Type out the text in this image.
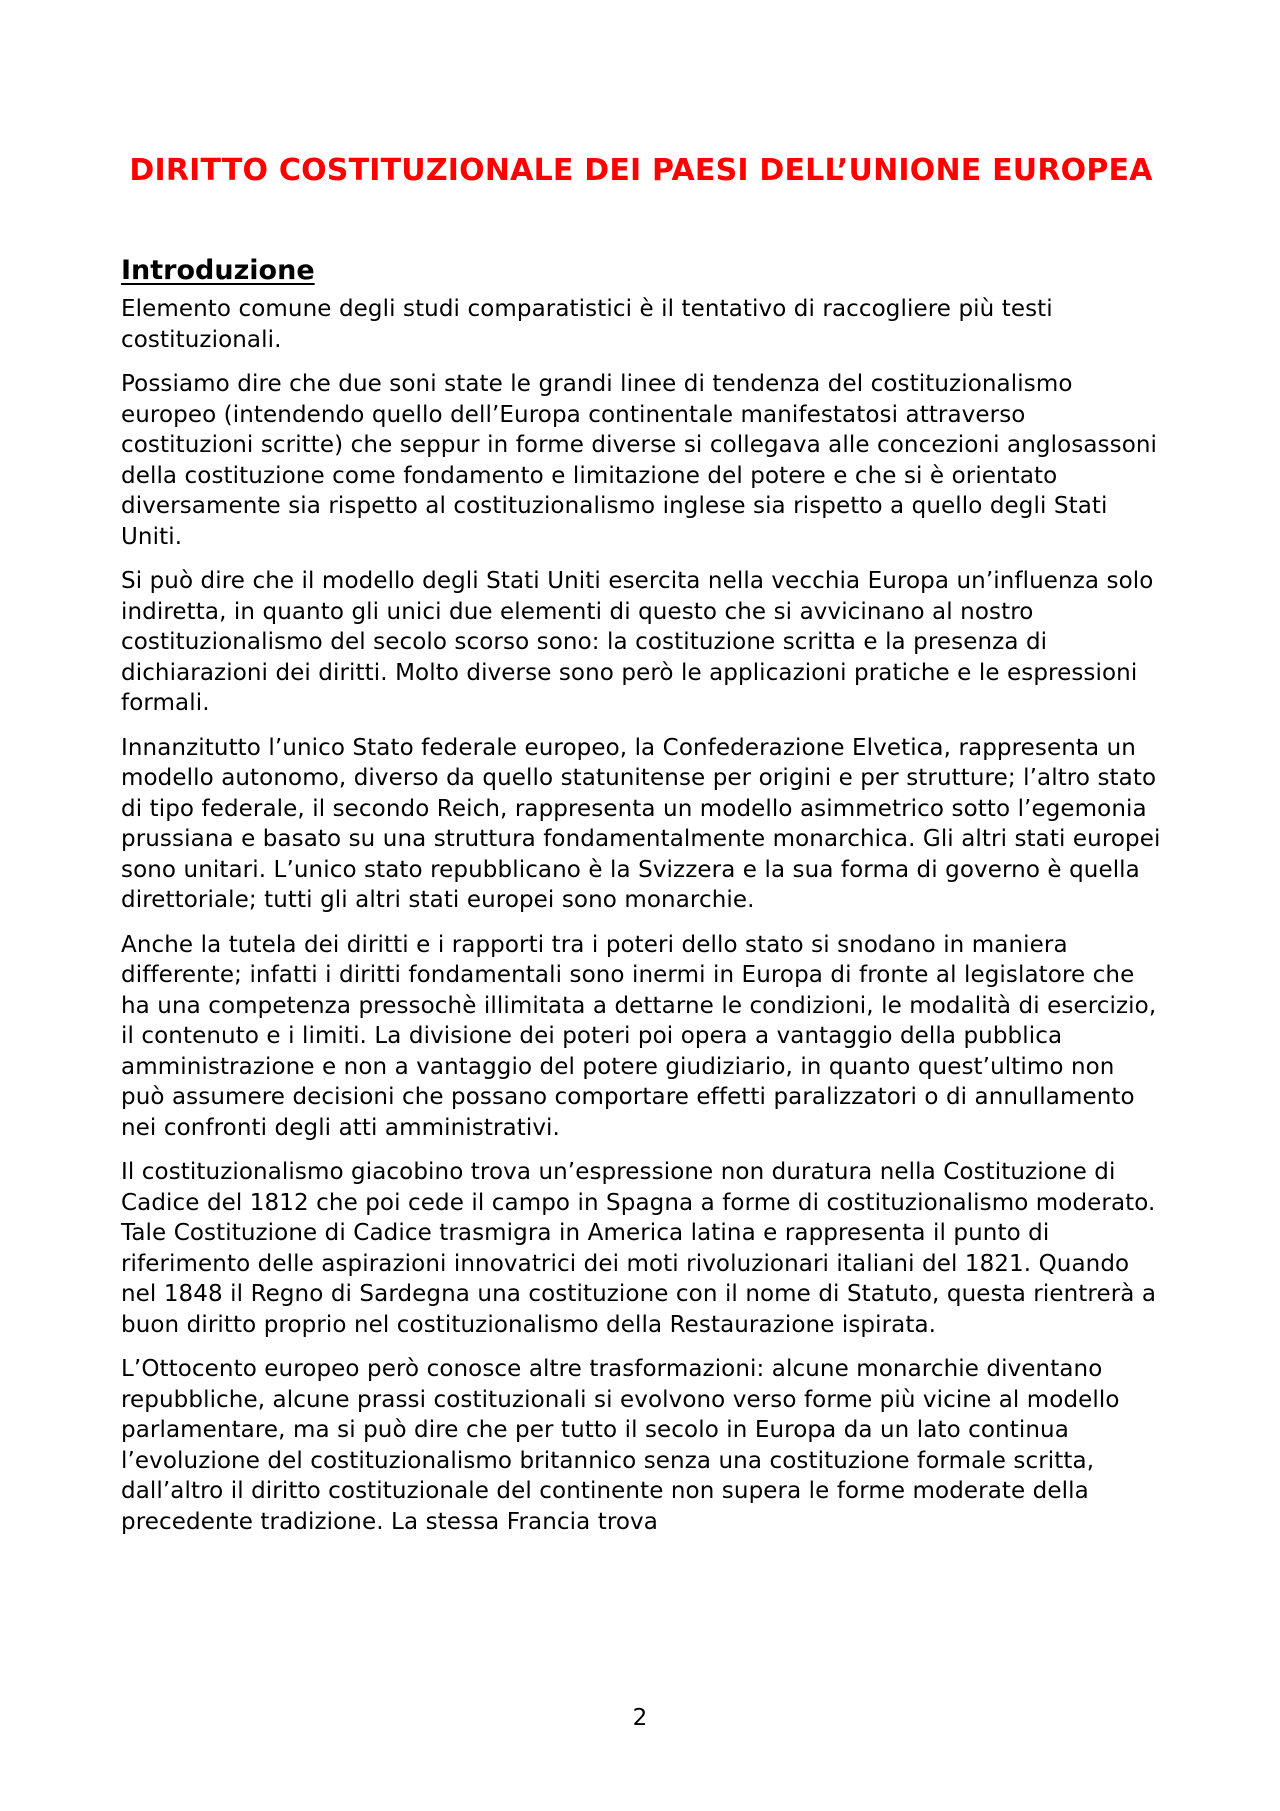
DIRITTO COSTITUZIONALE DEI PAESI DELL’UNIONE EUROPEA
Introduzione

Elemento comune degli studi comparatistici è il tentativo di raccogliere più testi costituzionali.

Possiamo dire che due soni state le grandi linee di tendenza del costituzionalismo europeo (intendendo quello dell’Europa continentale manifestatosi attraverso costituzioni scritte) che seppur in forme diverse si collegava alle concezioni anglosassoni della costituzione come fondamento e limitazione del potere e che si è orientato diversamente sia rispetto al costituzionalismo inglese sia rispetto a quello degli Stati Uniti.

Si può dire che il modello degli Stati Uniti esercita nella vecchia Europa un’influenza solo indiretta, in quanto gli unici due elementi di questo che si avvicinano al nostro costituzionalismo del secolo scorso sono: la costituzione scritta e la presenza di dichiarazioni dei diritti. Molto diverse sono però le applicazioni pratiche e le espressioni formali.

Innanzitutto l’unico Stato federale europeo, la Confederazione Elvetica, rappresenta un modello autonomo, diverso da quello statunitense per origini e per strutture; l’altro stato di tipo federale, il secondo Reich, rappresenta un modello asimmetrico sotto l’egemonia prussiana e basato su una struttura fondamentalmente monarchica. Gli altri stati europei sono unitari. L’unico stato repubblicano è la Svizzera e la sua forma di governo è quella direttoriale; tutti gli altri stati europei sono monarchie.

Anche la tutela dei diritti e i rapporti tra i poteri dello stato si snodano in maniera differente; infatti i diritti fondamentali sono inermi in Europa di fronte al legislatore che ha una competenza pressochè illimitata a dettarne le condizioni, le modalità di esercizio, il contenuto e i limiti. La divisione dei poteri poi opera a vantaggio della pubblica amministrazione e non a vantaggio del potere giudiziario, in quanto quest’ultimo non può assumere decisioni che possano comportare effetti paralizzatori o di annullamento nei confronti degli atti amministrativi.

Il costituzionalismo giacobino trova un’espressione non duratura nella Costituzione di Cadice del 1812 che poi cede il campo in Spagna a forme di costituzionalismo moderato. Tale Costituzione di Cadice trasmigra in America latina e rappresenta il punto di riferimento delle aspirazioni innovatrici dei moti rivoluzionari italiani del 1821. Quando nel 1848 il Regno di Sardegna una costituzione con il nome di Statuto, questa rientrerà a buon diritto proprio nel costituzionalismo della Restaurazione ispirata.

L’Ottocento europeo però conosce altre trasformazioni: alcune monarchie diventano repubbliche, alcune prassi costituzionali si evolvono verso forme più vicine al modello parlamentare, ma si può dire che per tutto il secolo in Europa da un lato continua l’evoluzione del costituzionalismo britannico senza una costituzione formale scritta, dall’altro il diritto costituzionale del continente non supera le forme moderate della precedente tradizione. La stessa Francia trova

2
